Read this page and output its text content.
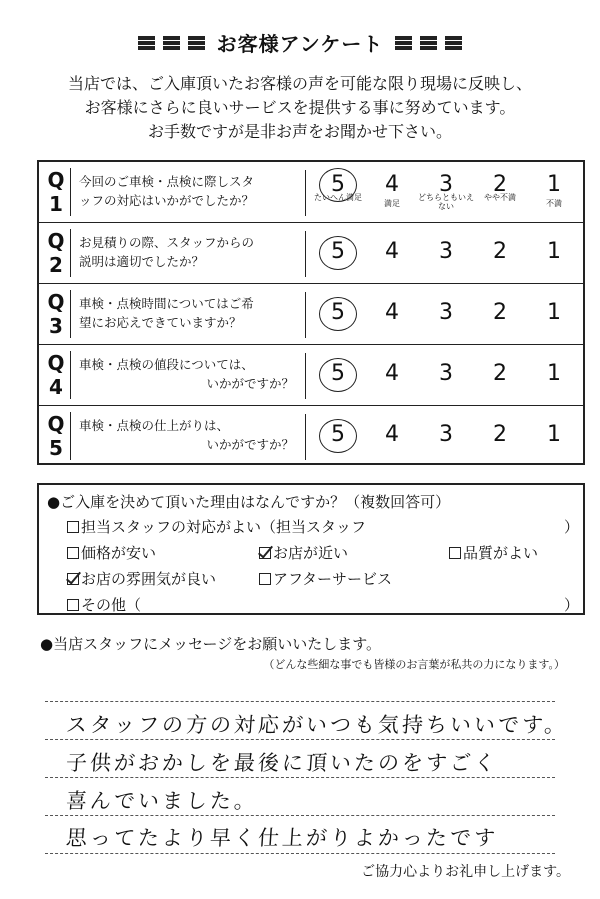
お客様アンケート
当店では、ご入庫頂いたお客様の声を可能な限り現場に反映し、
お客様にさらに良いサービスを提供する事に努めています。
お手数ですが是非お声をお聞かせ下さい。
Q
1
今回のご車検・点検に際しスタ
ッフの対応はいかがでしたか？
5	4	3	2	1
たいへん満足
満足
どちらともいえない
やや不満
不満
Q
2
お見積りの際、スタッフからの
説明は適切でしたか？	5	4	3	2	1
Q
3
車検・点検時間についてはご希
望にお応えできていますか？	5	4	3	2	1
Q
4
車検・点検の値段については、
いかがですか？	5	4	3	2	1
Q
5
車検・点検の仕上がりは、
いかがですか？	5	4	3	2	1
●ご入庫を決めて頂いた理由はなんですか？（複数回答可）
担当スタッフの対応がよい（担当スタッフ	）
価格が安い	お店が近い	品質がよい
お店の雰囲気が良い	アフターサービス
その他（	）
●当店スタッフにメッセージをお願いいたします。
（どんな些細な事でも皆様のお言葉が私共の力になります。）
スタッフの方の対応がいつも気持ちいいです。
子供がおかしを最後に頂いたのをすごく
喜んでいました。
思ってたより早く仕上がりよかったです
ご協力心よりお礼申し上げます。
